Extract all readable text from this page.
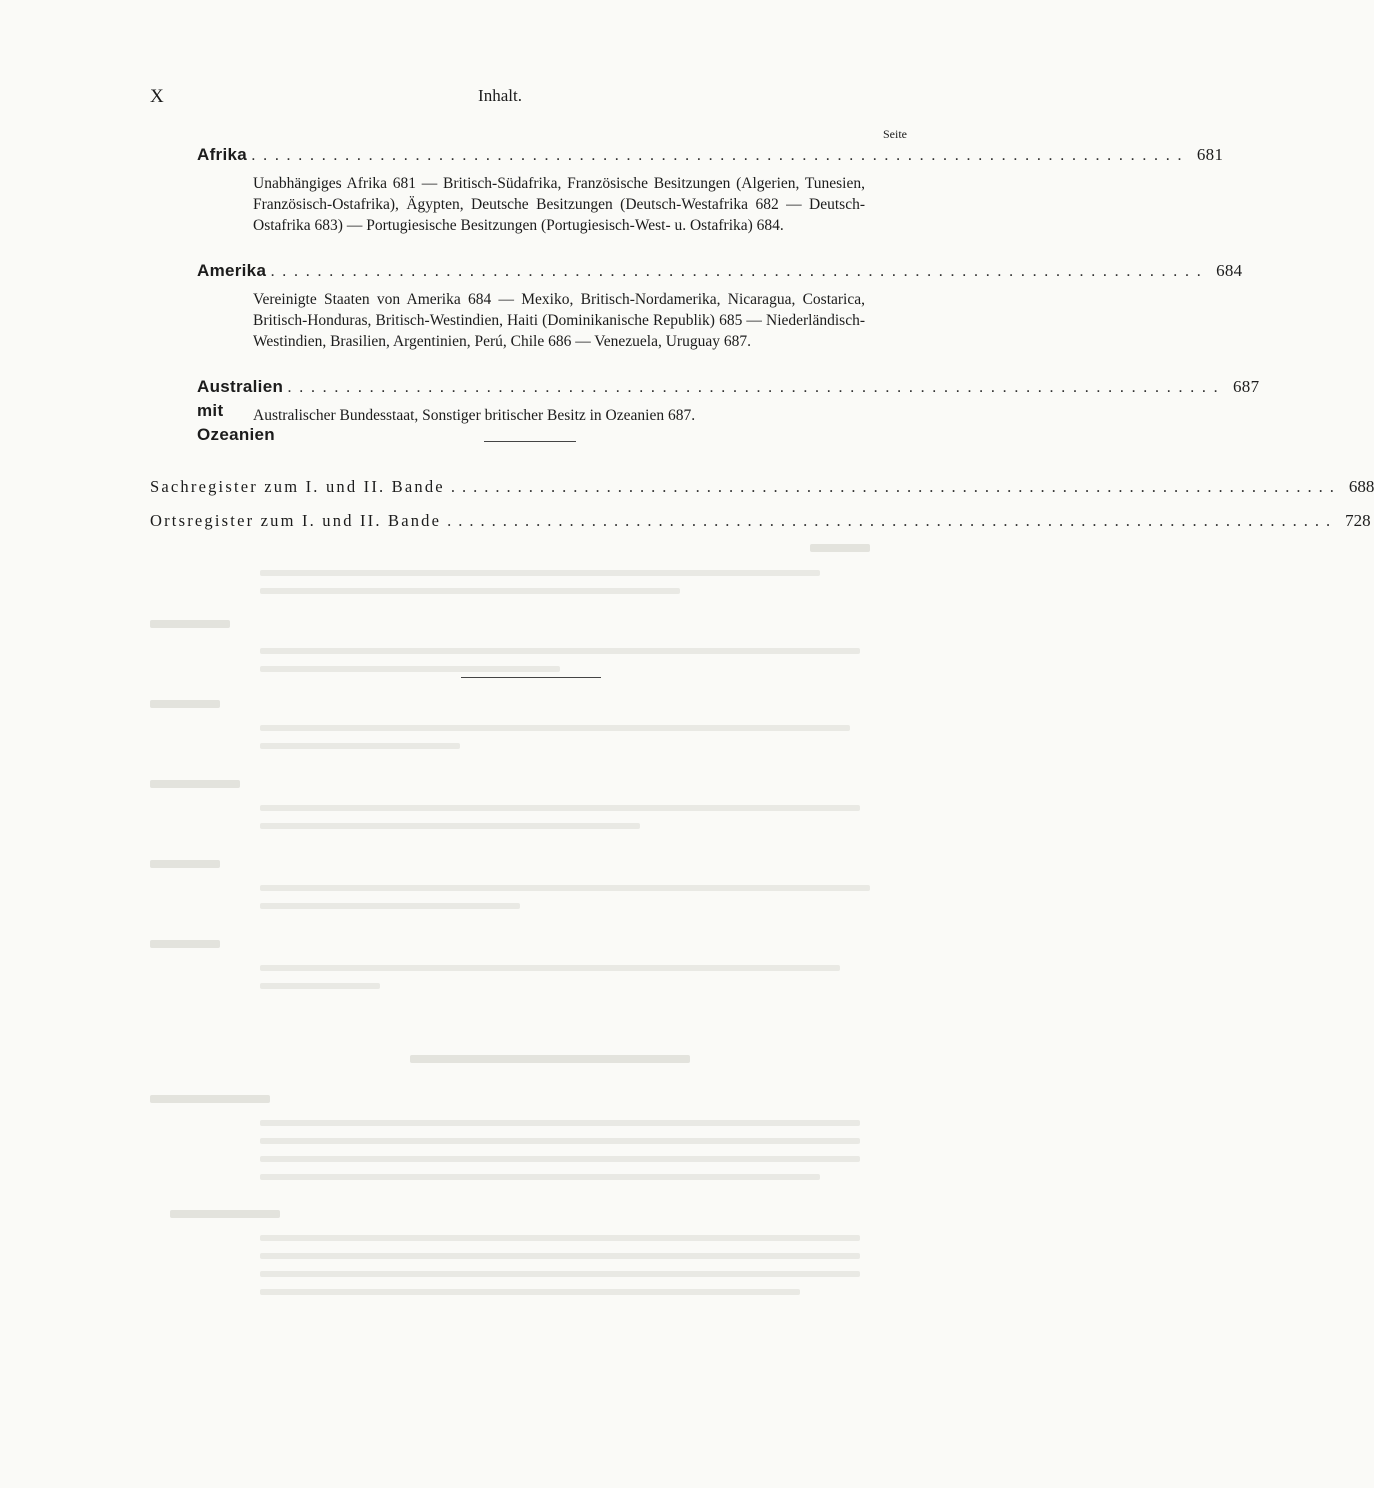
X	Inhalt.
Seite
Afrika ................................................................................ 681
Unabhängiges Afrika 681 — Britisch-Südafrika, Französische Besitzungen (Algerien, Tunesien, Französisch-Ostafrika), Ägypten, Deutsche Besitzungen (Deutsch-Westafrika 682 — Deutsch-Ostafrika 683) — Portugiesische Besitzungen (Portugiesisch-West- u. Ostafrika) 684.
Amerika ................................................................................ 684
Vereinigte Staaten von Amerika 684 — Mexiko, Britisch-Nordamerika, Nicaragua, Costarica, Britisch-Honduras, Britisch-Westindien, Haiti (Dominikanische Republik) 685 — Niederländisch-Westindien, Brasilien, Argentinien, Perú, Chile 686 — Venezuela, Uruguay 687.
Australien mit Ozeanien
................................................................................ 687
Australischer Bundesstaat, Sonstiger britischer Besitz in Ozeanien 687.
Sachregister zum I. und II. Bande ................................................................................ 688
Ortsregister zum I. und II. Bande ................................................................................ 728
